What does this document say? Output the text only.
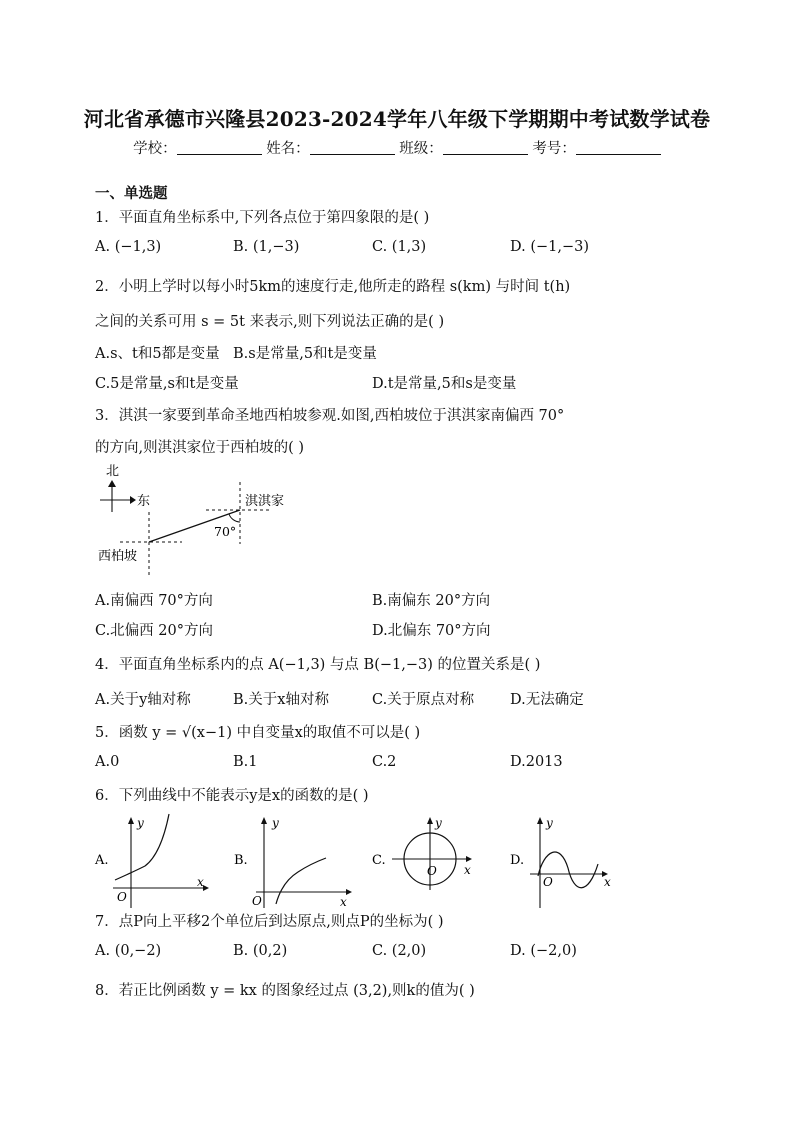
河北省承德市兴隆县2023-2024学年八年级下学期期中考试数学试卷
学校：	姓名：	班级：	考号：
一、单选题
1．平面直角坐标系中,下列各点位于第四象限的是( )
A. (−1,3)	B. (1,−3)	C. (1,3)	D. (−1,−3)
2．小明上学时以每小时5km的速度行走,他所走的路程 s(km) 与时间 t(h)
之间的关系可用 s = 5t 来表示,则下列说法正确的是( )
A.s、t和5都是变量 B.s是常量,5和t是变量
C.5是常量,s和t是变量	D.t是常量,5和s是变量
3．淇淇一家要到革命圣地西柏坡参观.如图,西柏坡位于淇淇家南偏西 70°
的方向,则淇淇家位于西柏坡的( )
北
东
70°
淇淇家
西柏坡
A.南偏西 70°方向	B.南偏东 20°方向
C.北偏西 20°方向	D.北偏东 70°方向
4．平面直角坐标系内的点 A(−1,3) 与点 B(−1,−3) 的位置关系是( )
A.关于y轴对称	B.关于x轴对称	C.关于原点对称 D.无法确定
5．函数 y = √(x−1) 中自变量x的取值不可以是( )
A.0	B.1	C.2	D.2013
6．下列曲线中不能表示y是x的函数的是( )
A.
y
x
O
B.
y
x
O
C.
y
x
O
D.
y
x
O
7．点P向上平移2个单位后到达原点,则点P的坐标为( )
A. (0,−2)	B. (0,2)	C. (2,0)	D. (−2,0)
8．若正比例函数 y = kx 的图象经过点 (3,2),则k的值为( )
